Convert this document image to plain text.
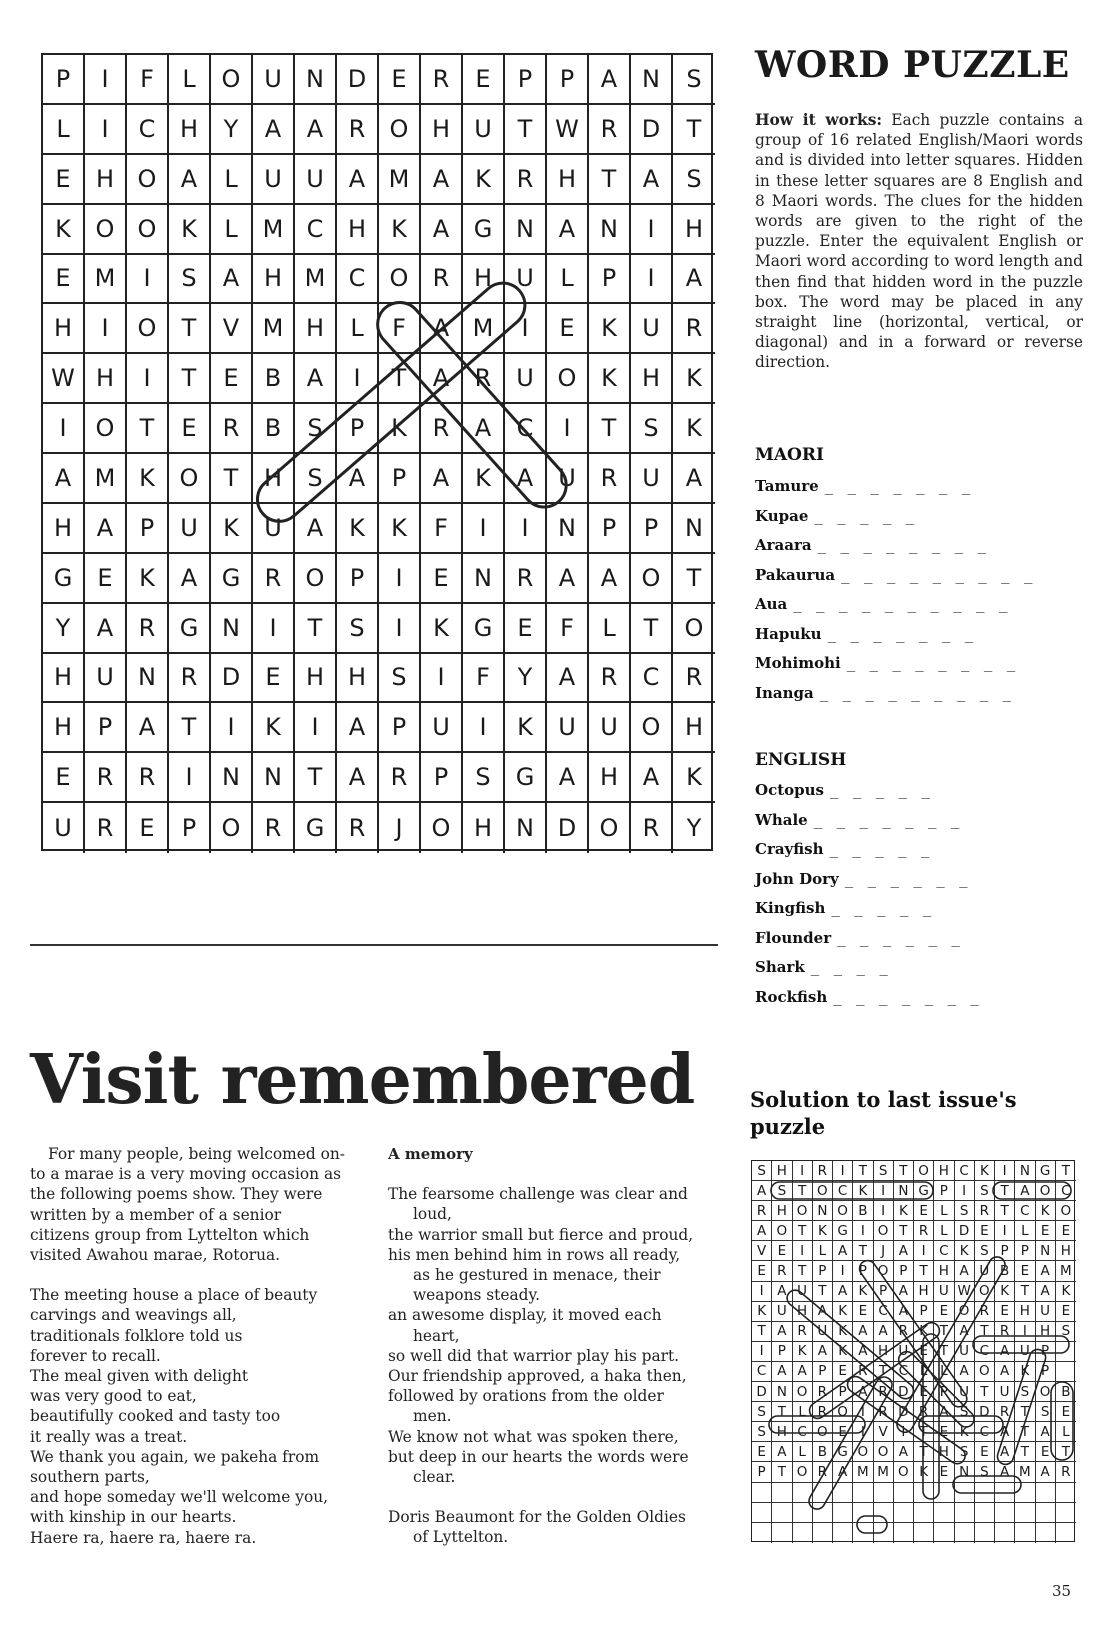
P	I	F	L	O U	N D	E	R	E	P	P	A	N	S
L	I	C	H	Y	A	A	R	O H	U	T W R	D	T
E	H O	A	L	U	U	A M A	K	R	H	T	A	S
K	O O	K	L	M C	H	K	A	G N	A	N	I	H
E	M	I	S	A	H M C	O	R	H	U	L	P	I	A
H	I	O	T	V M H	L	F	A M	I	E	K	U	R
W H	I	T	E	B	A	I	T	A	R	U O	K	H	K
I	O	T	E	R	B	S	P	K	R	A	C	I	T	S	K
A M K	O	T	H	S	A	P	A	K	A	U	R	U	A
H	A	P	U	K	U	A	K	K	F	I	I	N	P	P	N
G	E	K	A	G	R	O	P	I	E	N	R	A	A	O	T
Y	A	R	G N	I	T	S	I	K	G	E	F	L	T	O
H	U	N	R	D	E	H H	S	I	F	Y	A	R	C	R
H	P	A	T	I	K	I	A	P	U	I	K	U	U O	H
E	R	R	I	N	N	T	A	R	P	S	G	A	H	A	K
U	R	E	P	O	R	G	R	J	O H	N D O	R	Y
WORD PUZZLE
How it works: Each puzzle contains a group of 16 related English/Maori words and is divided into letter squares. Hidden in these letter squares are 8 English and 8 Maori words. The clues for the hidden words are given to the right of the puzzle. Enter the equivalent English or Maori word according to word length and then find that hidden word in the puzzle box. The word may be placed in any straight line (horizontal, vertical, or diagonal) and in a forward or reverse direction.
MAORI
Tamure _ _ _ _ _ _ _
Kupae _ _ _ _ _
Araara _ _ _ _ _ _ _ _
Pakaurua _ _ _ _ _ _ _ _ _
Aua _ _ _ _ _ _ _ _ _ _
Hapuku _ _ _ _ _ _ _
Mohimohi _ _ _ _ _ _ _ _
Inanga _ _ _ _ _ _ _ _ _
ENGLISH
Octopus _ _ _ _ _
Whale _ _ _ _ _ _ _
Crayfish _ _ _ _ _
John Dory _ _ _ _ _ _
Kingfish _ _ _ _ _
Flounder _ _ _ _ _ _
Shark _ _ _ _
Rockfish _ _ _ _ _ _ _
Visit remembered

For many people, being welcomed on-

to a marae is a very moving occasion as

the following poems show. They were

written by a member of a senior

citizens group from Lyttelton which

visited Awahou marae, Rotorua.

The meeting house a place of beauty

carvings and weavings all,

traditionals folklore told us

forever to recall.

The meal given with delight

was very good to eat,

beautifully cooked and tasty too

it really was a treat.

We thank you again, we pakeha from

southern parts,

and hope someday we'll welcome you,

with kinship in our hearts.

Haere ra, haere ra, haere ra.

A memory

The fearsome challenge was clear and

loud,

the warrior small but fierce and proud,

his men behind him in rows all ready,

as he gestured in menace, their

weapons steady.

an awesome display, it moved each

heart,

so well did that warrior play his part.

Our friendship approved, a haka then,

followed by orations from the older

men.

We know not what was spoken there,

but deep in our hearts the words were

clear.

Doris Beaumont for the Golden Oldies

of Lyttelton.

Solution to last issue's puzzle
S H I	R	I	T S T O H C K	I N G T
A S T O C K	I N G P	I	S T A O C
R H O N O B	I	K E L S R T C K O
A O T K G I O T R L D E	I	L E E
V E	I	L A T	J	A	I	C K S P P N H
E R T P	I	P O P T H A U B E A M
I	A U T A K P A H U W O K T A K
K U H A K E C A P E O R E H U E
T A R U K A A R K T A T R	I H S
I	P K A K A H U E T U C A U P
C A A P E R T C L L A O A K P
D N O R P A R D E P U T U S O B
S T L R O I	R D R A S D R T S E
S H C O E	I	V	I	T E K C A T A L
E A L B G O O A T H S E A T E T
P T O R A M M O K E N S A M A R
35
